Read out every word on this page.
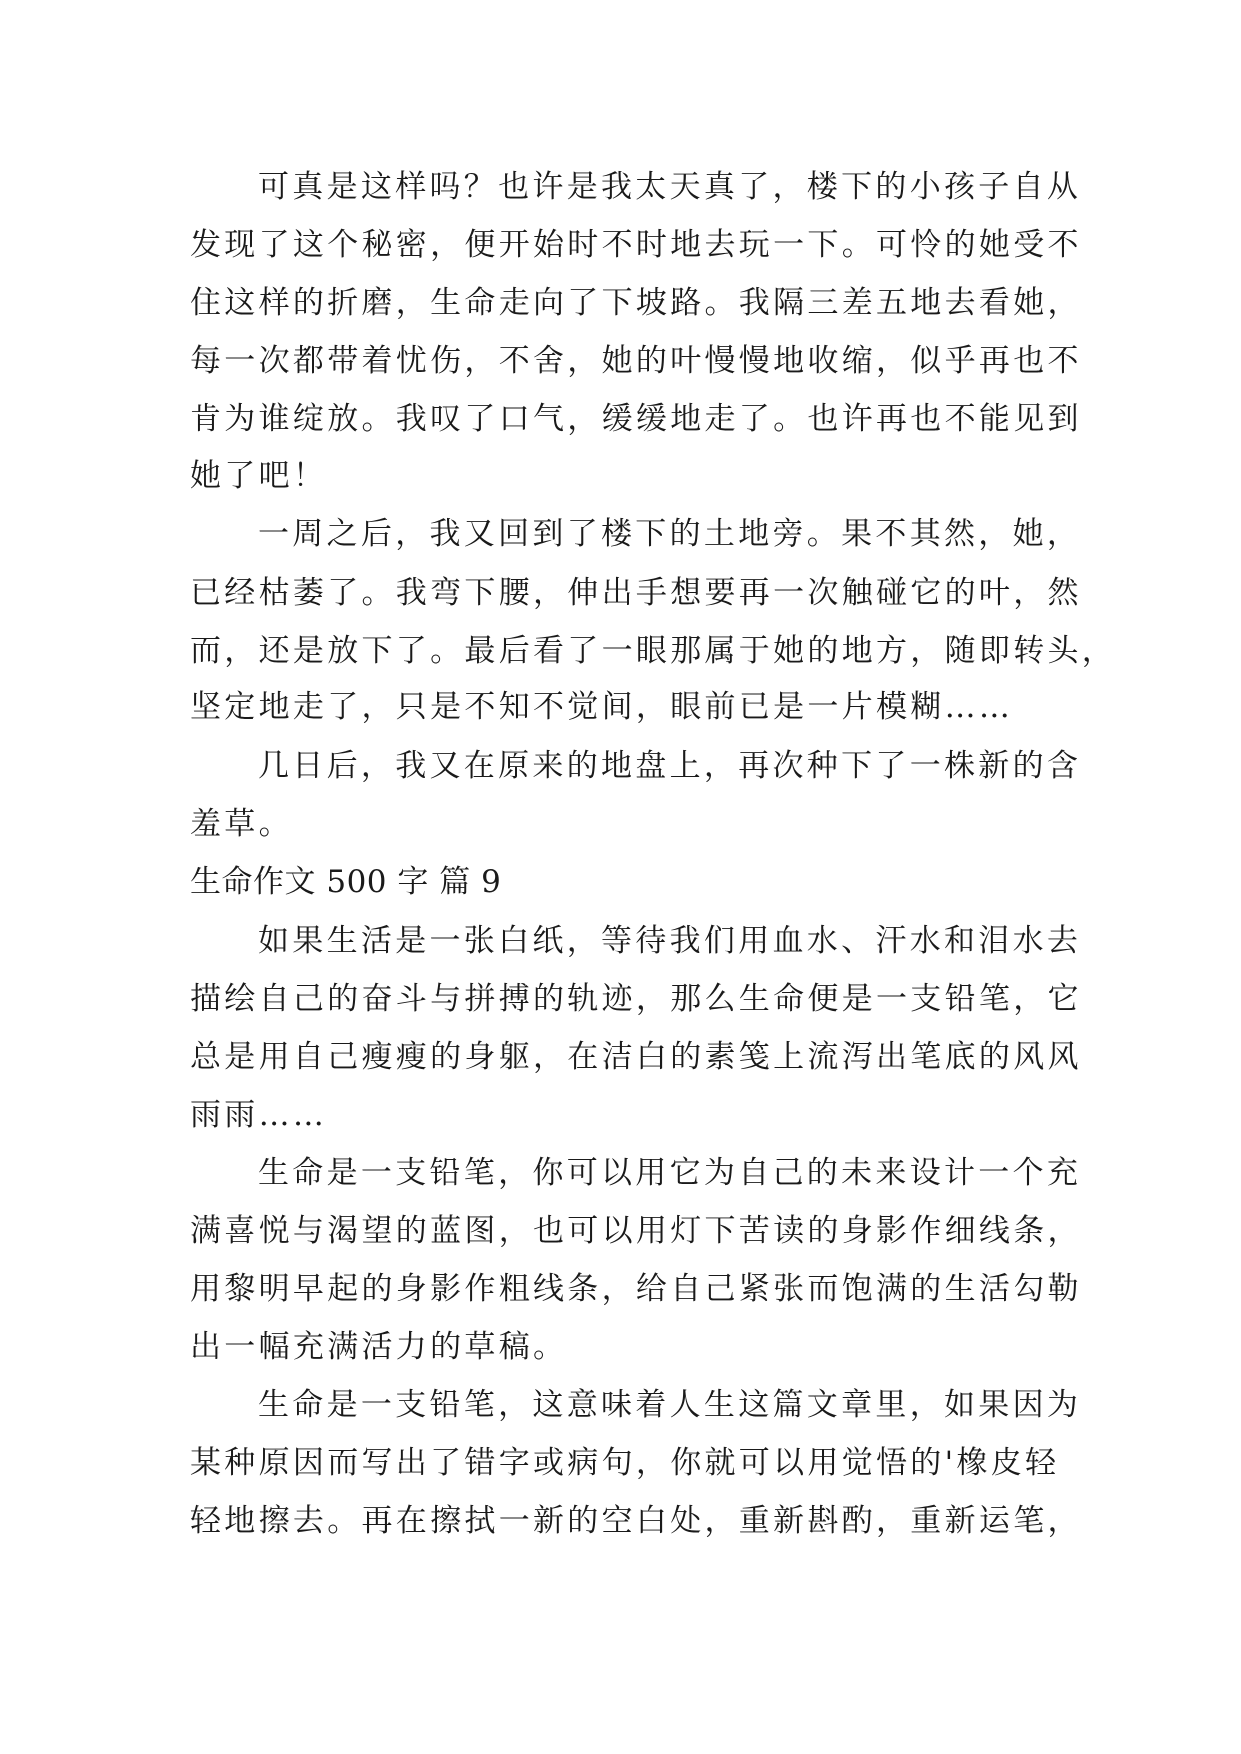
可真是这样吗？也许是我太天真了，楼下的小孩子自从
发现了这个秘密，便开始时不时地去玩一下。可怜的她受不
住这样的折磨，生命走向了下坡路。我隔三差五地去看她，
每一次都带着忧伤，不舍，她的叶慢慢地收缩，似乎再也不
肯为谁绽放。我叹了口气，缓缓地走了。也许再也不能见到
她了吧！
一周之后，我又回到了楼下的土地旁。果不其然，她，
已经枯萎了。我弯下腰，伸出手想要再一次触碰它的叶，然
而，还是放下了。最后看了一眼那属于她的地方，随即转头，
坚定地走了，只是不知不觉间，眼前已是一片模糊……
几日后，我又在原来的地盘上，再次种下了一株新的含
羞草。
生命作文 500 字 篇 9
如果生活是一张白纸，等待我们用血水、汗水和泪水去
描绘自己的奋斗与拼搏的轨迹，那么生命便是一支铅笔，它
总是用自己瘦瘦的身躯，在洁白的素笺上流泻出笔底的风风
雨雨……
生命是一支铅笔，你可以用它为自己的未来设计一个充
满喜悦与渴望的蓝图，也可以用灯下苦读的身影作细线条，
用黎明早起的身影作粗线条，给自己紧张而饱满的生活勾勒
出一幅充满活力的草稿。
生命是一支铅笔，这意味着人生这篇文章里，如果因为
某种原因而写出了错字或病句，你就可以用觉悟的'橡皮轻
轻地擦去。再在擦拭一新的空白处，重新斟酌，重新运笔，
